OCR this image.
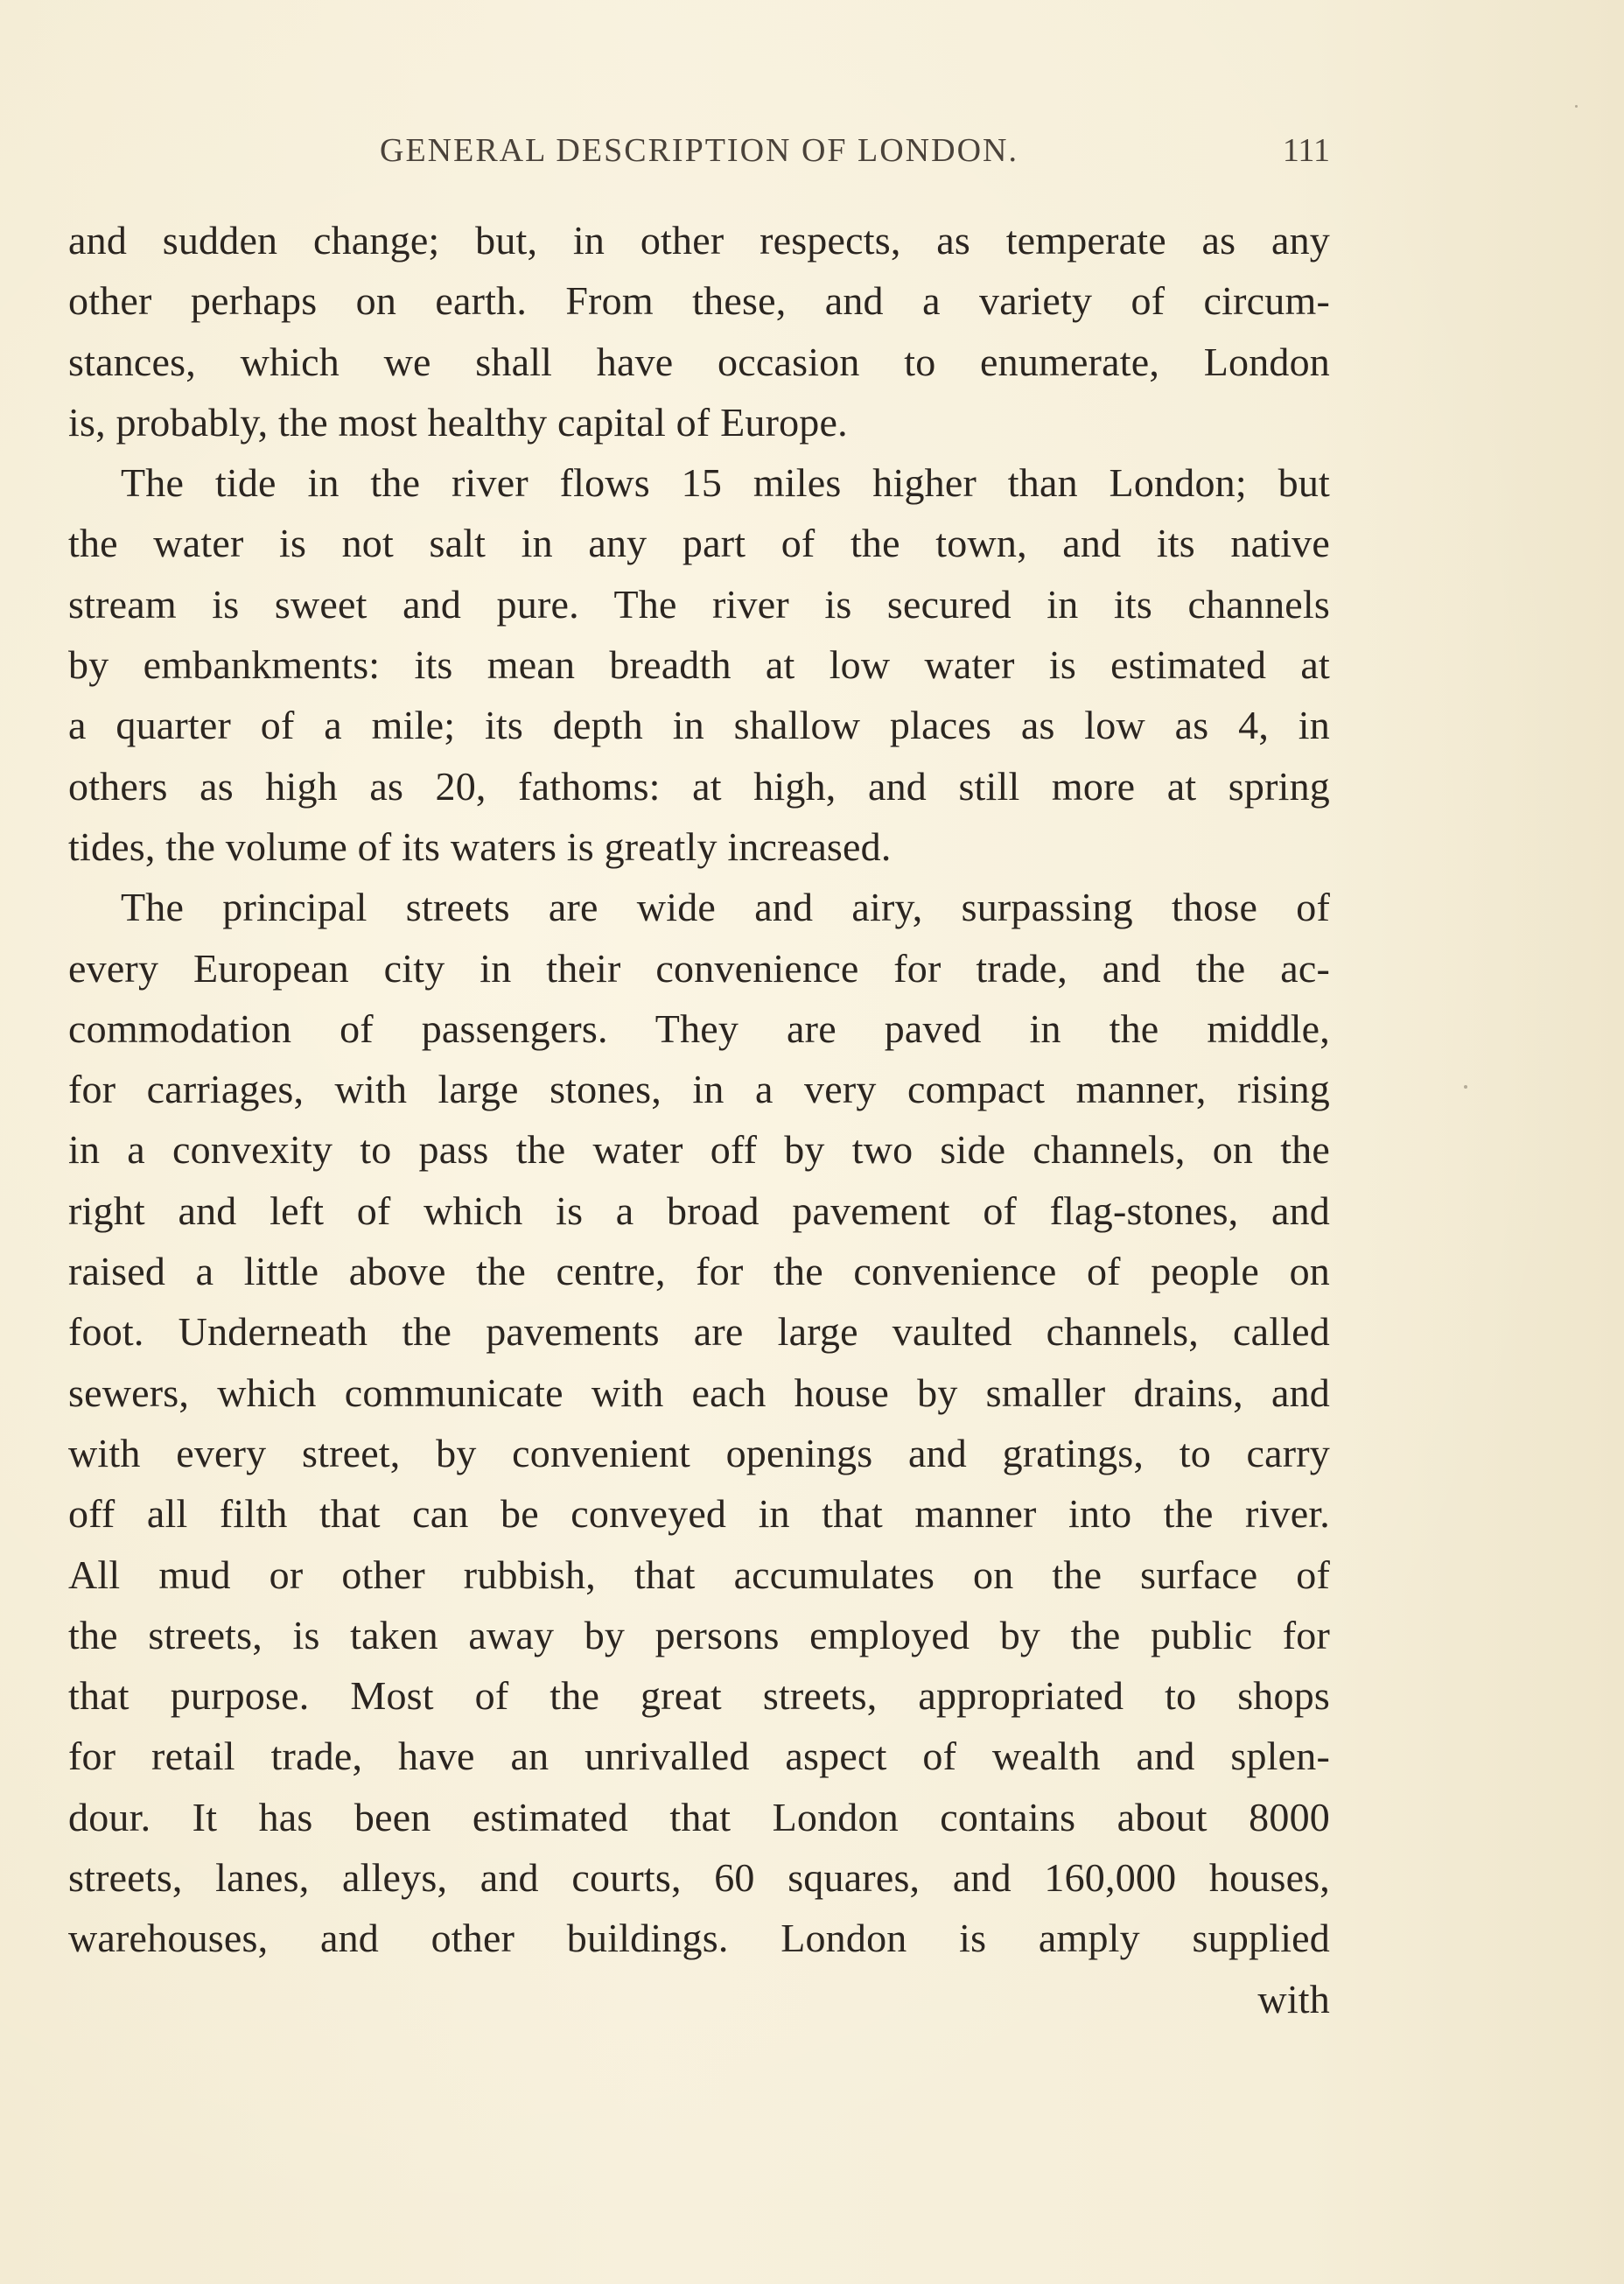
GENERAL DESCRIPTION OF LONDON.	111
and sudden change; but, in other respects, as temperate as any
other perhaps on earth. From these, and a variety of circum-
stances, which we shall have occasion to enumerate, London
is, probably, the most healthy capital of Europe.
The tide in the river flows 15 miles higher than London; but
the water is not salt in any part of the town, and its native
stream is sweet and pure. The river is secured in its channels
by embankments: its mean breadth at low water is estimated at
a quarter of a mile; its depth in shallow places as low as 4, in
others as high as 20, fathoms: at high, and still more at spring
tides, the volume of its waters is greatly increased.
The principal streets are wide and airy, surpassing those of
every European city in their convenience for trade, and the ac-
commodation of passengers. They are paved in the middle,
for carriages, with large stones, in a very compact manner, rising
in a convexity to pass the water off by two side channels, on the
right and left of which is a broad pavement of flag-stones, and
raised a little above the centre, for the convenience of people on
foot. Underneath the pavements are large vaulted channels, called
sewers, which communicate with each house by smaller drains, and
with every street, by convenient openings and gratings, to carry
off all filth that can be conveyed in that manner into the river.
All mud or other rubbish, that accumulates on the surface of
the streets, is taken away by persons employed by the public for
that purpose. Most of the great streets, appropriated to shops
for retail trade, have an unrivalled aspect of wealth and splen-
dour. It has been estimated that London contains about 8000
streets, lanes, alleys, and courts, 60 squares, and 160,000 houses,
warehouses, and other buildings. London is amply supplied
with
